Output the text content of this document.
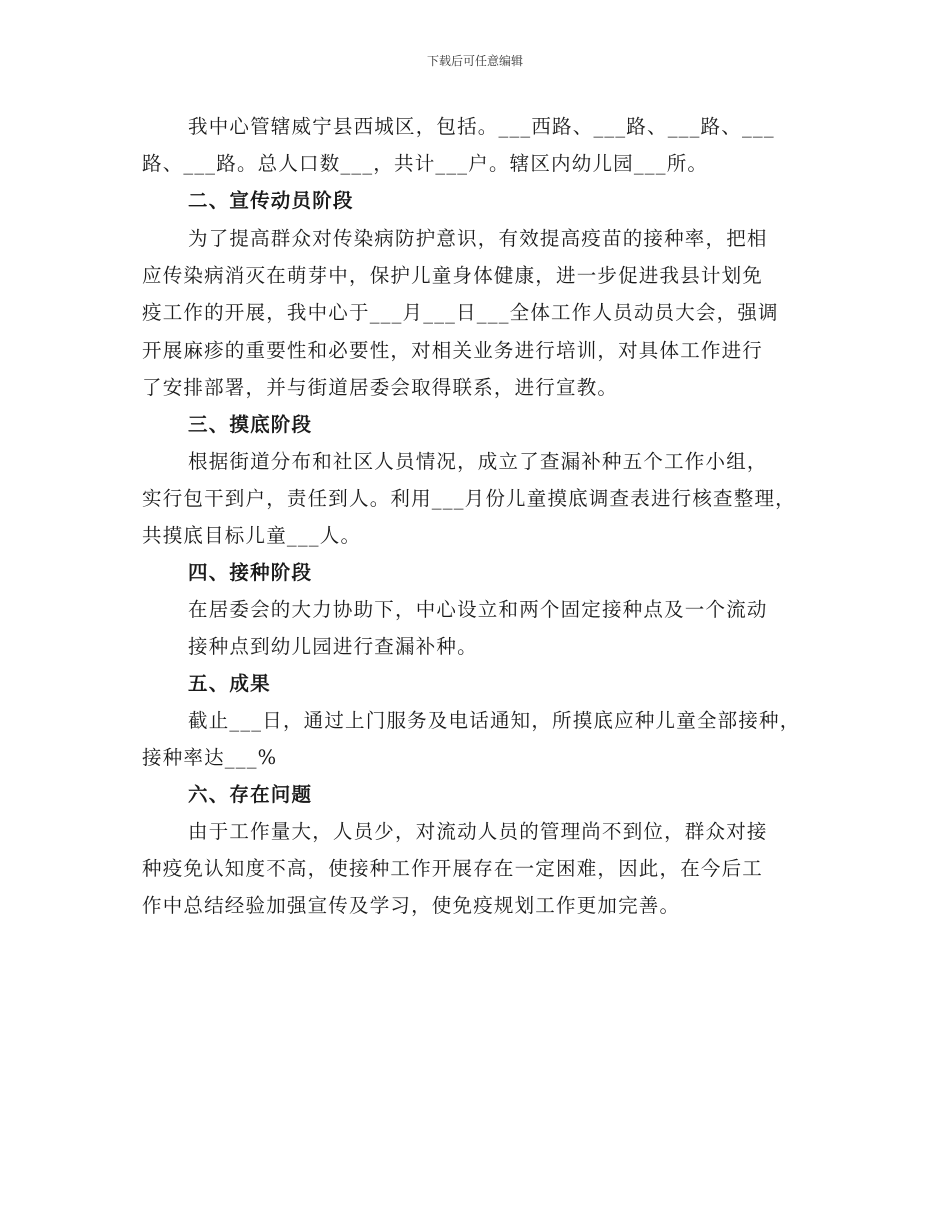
下载后可任意编辑
我中心管辖威宁县西城区，包括。___西路、___路、___路、___
路、___路。总人口数___，共计___户。辖区内幼儿园___所。
二、宣传动员阶段
为了提高群众对传染病防护意识，有效提高疫苗的接种率，把相
应传染病消灭在萌芽中，保护儿童身体健康，进一步促进我县计划免
疫工作的开展，我中心于___月___日___全体工作人员动员大会，强调
开展麻疹的重要性和必要性，对相关业务进行培训，对具体工作进行
了安排部署，并与街道居委会取得联系，进行宣教。
三、摸底阶段
根据街道分布和社区人员情况，成立了查漏补种五个工作小组，
实行包干到户，责任到人。利用___月份儿童摸底调查表进行核查整理，
共摸底目标儿童___人。
四、接种阶段
在居委会的大力协助下，中心设立和两个固定接种点及一个流动
接种点到幼儿园进行查漏补种。
五、成果
截止___日，通过上门服务及电话通知，所摸底应种儿童全部接种，
接种率达___%
六、存在问题
由于工作量大，人员少，对流动人员的管理尚不到位，群众对接
种疫免认知度不高，使接种工作开展存在一定困难，因此，在今后工
作中总结经验加强宣传及学习，使免疫规划工作更加完善。
